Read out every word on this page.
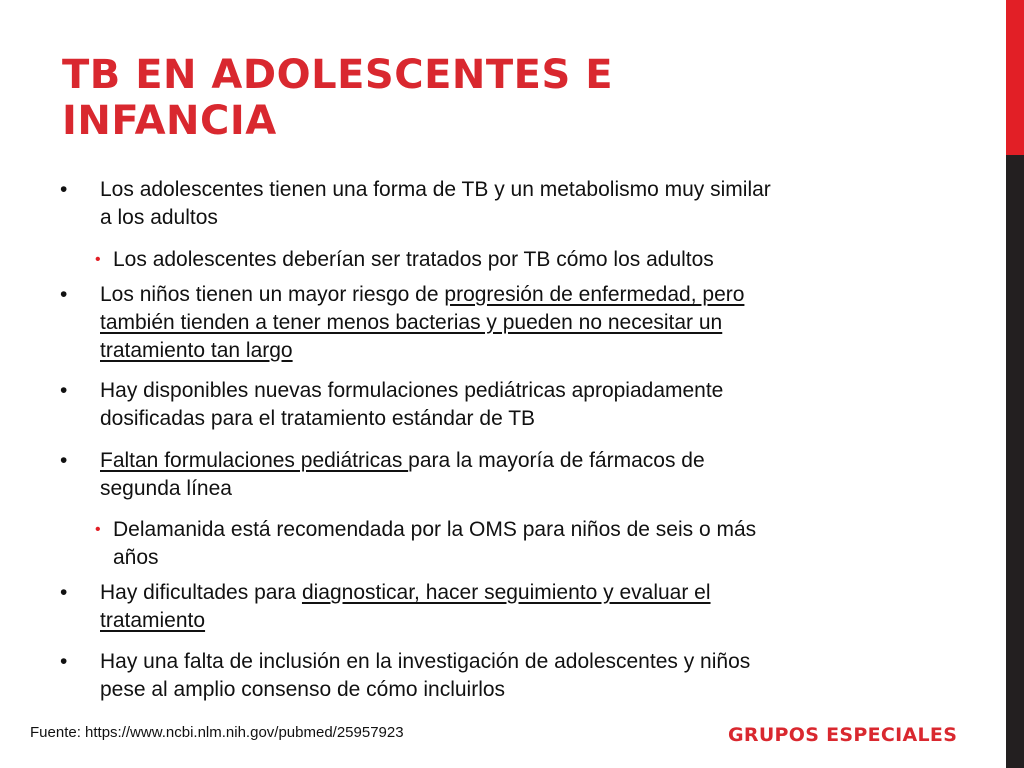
TB EN ADOLESCENTES E
INFANCIA

• Los adolescentes tienen una forma de TB y un metabolismo muy similar
a los adultos

• Los adolescentes deberían ser tratados por TB cómo los adultos

• Los niños tienen un mayor riesgo de progresión de enfermedad, pero
también tienden a tener menos bacterias y pueden no necesitar un
tratamiento tan largo

• Hay disponibles nuevas formulaciones pediátricas apropiadamente
dosificadas para el tratamiento estándar de TB

• Faltan formulaciones pediátricas para la mayoría de fármacos de
segunda línea

• Delamanida está recomendada por la OMS para niños de seis o más
años

• Hay dificultades para diagnosticar, hacer seguimiento y evaluar el
tratamiento

• Hay una falta de inclusión en la investigación de adolescentes y niños
pese al amplio consenso de cómo incluirlos

Fuente: https://www.ncbi.nlm.nih.gov/pubmed/25957923	GRUPOS ESPECIALES
